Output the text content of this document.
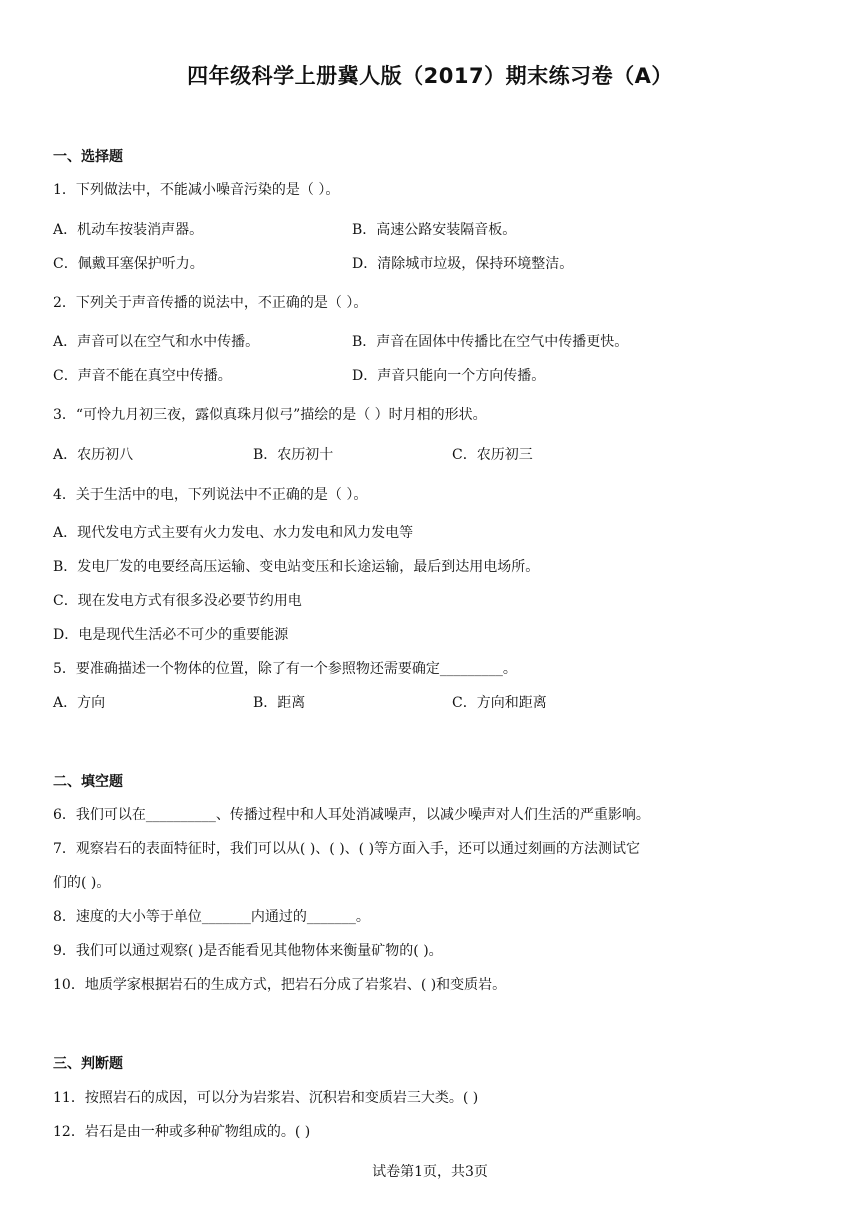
四年级科学上册冀人版（2017）期末练习卷（A）
一、选择题
1．下列做法中，不能减小噪音污染的是（ ）。
A．机动车按装消声器。	B．高速公路安装隔音板。
C．佩戴耳塞保护听力。	D．清除城市垃圾，保持环境整洁。
2．下列关于声音传播的说法中，不正确的是（ ）。
A．声音可以在空气和水中传播。	B．声音在固体中传播比在空气中传播更快。
C．声音不能在真空中传播。	D．声音只能向一个方向传播。
3．“可怜九月初三夜，露似真珠月似弓”描绘的是（ ）时月相的形状。
A．农历初八	B．农历初十	C．农历初三
4．关于生活中的电，下列说法中不正确的是（ ）。
A．现代发电方式主要有火力发电、水力发电和风力发电等
B．发电厂发的电要经高压运输、变电站变压和长途运输，最后到达用电场所。
C．现在发电方式有很多没必要节约用电
D．电是现代生活必不可少的重要能源
5．要准确描述一个物体的位置，除了有一个参照物还需要确定_________。
A．方向	B．距离	C．方向和距离
二、填空题
6．我们可以在__________、传播过程中和人耳处消减噪声，以减少噪声对人们生活的严重影响。
7．观察岩石的表面特征时，我们可以从( )、( )、( )等方面入手，还可以通过刻画的方法测试它
们的( )。
8．速度的大小等于单位_______内通过的_______。
9．我们可以通过观察( )是否能看见其他物体来衡量矿物的( )。
10．地质学家根据岩石的生成方式，把岩石分成了岩浆岩、( )和变质岩。
三、判断题
11．按照岩石的成因，可以分为岩浆岩、沉积岩和变质岩三大类。( )
12．岩石是由一种或多种矿物组成的。( )
试卷第1页，共3页
